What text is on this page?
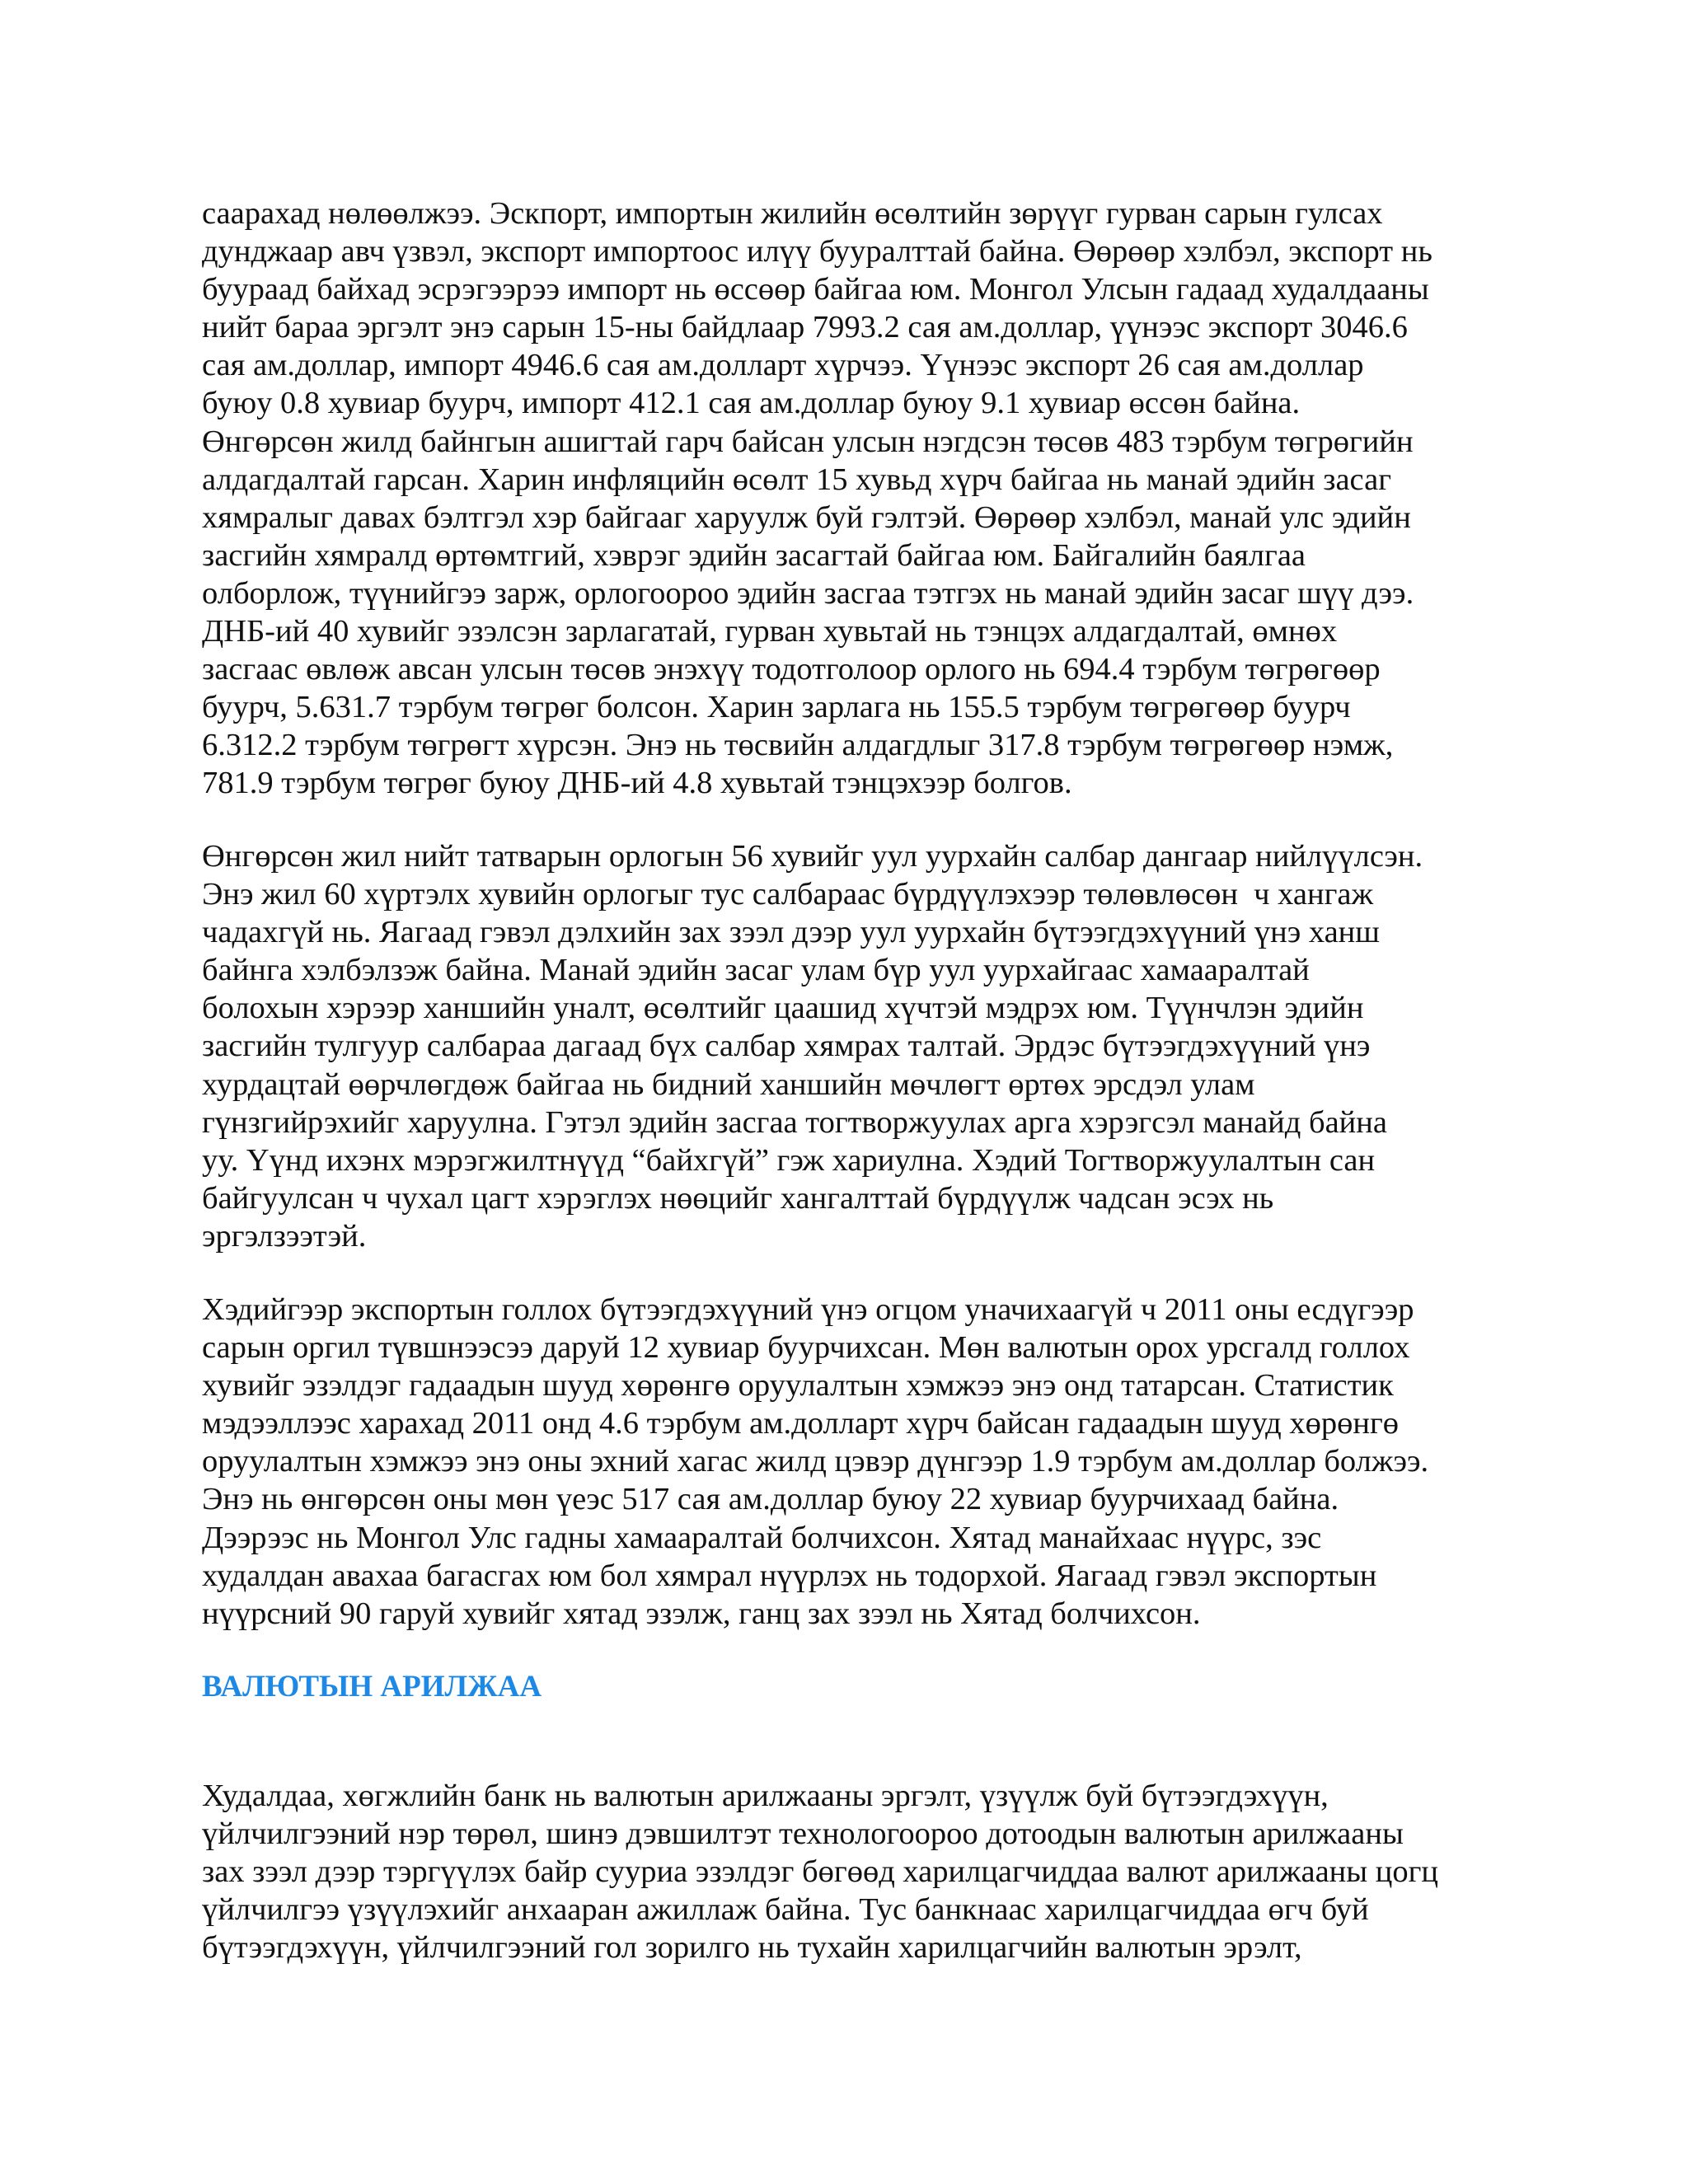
саарахад нөлөөлжээ. Эскпорт, импортын жилийн өсөлтийн зөрүүг гурван сарын гулсах
дунджаар авч үзвэл, экспорт импортоос илүү бууралттай байна. Өөрөөр хэлбэл, экспорт нь
буураад байхад эсрэгээрээ импорт нь өссөөр байгаа юм. Монгол Улсын гадаад худалдааны
нийт бараа эргэлт энэ сарын 15-ны байдлаар 7993.2 сая ам.доллар, үүнээс экспорт 3046.6
сая ам.доллар, импорт 4946.6 сая ам.долларт хүрчээ. Үүнээс экспорт 26 сая ам.доллар
буюу 0.8 хувиар буурч, импорт 412.1 сая ам.доллар буюу 9.1 хувиар өссөн байна.
Өнгөрсөн жилд байнгын ашигтай гарч байсан улсын нэгдсэн төсөв 483 тэрбум төгрөгийн
алдагдалтай гарсан. Харин инфляцийн өсөлт 15 хувьд хүрч байгаа нь манай эдийн засаг
хямралыг давах бэлтгэл хэр байгааг харуулж буй гэлтэй. Өөрөөр хэлбэл, манай улс эдийн
засгийн хямралд өртөмтгий, хэврэг эдийн засагтай байгаа юм. Байгалийн баялгаа
олборлож, түүнийгээ зарж, орлогоороо эдийн засгаа тэтгэх нь манай эдийн засаг шүү дээ.
ДНБ-ий 40 хувийг эзэлсэн зарлагатай, гурван хувьтай нь тэнцэх алдагдалтай, өмнөх
засгаас өвлөж авсан улсын төсөв энэхүү тодотголоор орлого нь 694.4 тэрбум төгрөгөөр
буурч, 5.631.7 тэрбум төгрөг болсон. Харин зарлага нь 155.5 тэрбум төгрөгөөр буурч
6.312.2 тэрбум төгрөгт хүрсэн. Энэ нь төсвийн алдагдлыг 317.8 тэрбум төгрөгөөр нэмж,
781.9 тэрбум төгрөг буюу ДНБ-ий 4.8 хувьтай тэнцэхээр болгов.
Өнгөрсөн жил нийт татварын орлогын 56 хувийг уул уурхайн салбар дангаар нийлүүлсэн.
Энэ жил 60 хүртэлх хувийн орлогыг тус салбараас бүрдүүлэхээр төлөвлөсөн  ч хангаж
чадахгүй нь. Яагаад гэвэл дэлхийн зах зээл дээр уул уурхайн бүтээгдэхүүний үнэ ханш
байнга хэлбэлзэж байна. Манай эдийн засаг улам бүр уул уурхайгаас хамааралтай
болохын хэрээр ханшийн уналт, өсөлтийг цаашид хүчтэй мэдрэх юм. Түүнчлэн эдийн
засгийн тулгуур салбараа дагаад бүх салбар хямрах талтай. Эрдэс бүтээгдэхүүний үнэ
хурдацтай өөрчлөгдөж байгаа нь бидний ханшийн мөчлөгт өртөх эрсдэл улам
гүнзгийрэхийг харуулна. Гэтэл эдийн засгаа тогтворжуулах арга хэрэгсэл манайд байна
уу. Үүнд ихэнх мэрэгжилтнүүд “байхгүй” гэж хариулна. Хэдий Тогтворжуулалтын сан
байгуулсан ч чухал цагт хэрэглэх нөөцийг хангалттай бүрдүүлж чадсан эсэх нь
эргэлзээтэй.
Хэдийгээр экспортын голлох бүтээгдэхүүний үнэ огцом уначихаагүй ч 2011 оны есдүгээр
сарын оргил түвшнээсээ даруй 12 хувиар буурчихсан. Мөн валютын орох урсгалд голлох
хувийг эзэлдэг гадаадын шууд хөрөнгө оруулалтын хэмжээ энэ онд татарсан. Статистик
мэдээллээс харахад 2011 онд 4.6 тэрбум ам.долларт хүрч байсан гадаадын шууд хөрөнгө
оруулалтын хэмжээ энэ оны эхний хагас жилд цэвэр дүнгээр 1.9 тэрбум ам.доллар болжээ.
Энэ нь өнгөрсөн оны мөн үеэс 517 сая ам.доллар буюу 22 хувиар буурчихаад байна.
Дээрээс нь Монгол Улс гадны хамааралтай болчихсон. Хятад манайхаас нүүрс, зэс
худалдан авахаа багасгах юм бол хямрал нүүрлэх нь тодорхой. Яагаад гэвэл экспортын
нүүрсний 90 гаруй хувийг хятад эзэлж, ганц зах зээл нь Хятад болчихсон.
ВАЛЮТЫН АРИЛЖАА
Худалдаа, хөгжлийн банк нь валютын арилжааны эргэлт, үзүүлж буй бүтээгдэхүүн,
үйлчилгээний нэр төрөл, шинэ дэвшилтэт технологоороо дотоодын валютын арилжааны
зах зээл дээр тэргүүлэх байр сууриа эзэлдэг бөгөөд харилцагчиддаа валют арилжааны цогц
үйлчилгээ үзүүлэхийг анхааран ажиллаж байна. Тус банкнаас харилцагчиддаа өгч буй
бүтээгдэхүүн, үйлчилгээний гол зорилго нь тухайн харилцагчийн валютын эрэлт,
